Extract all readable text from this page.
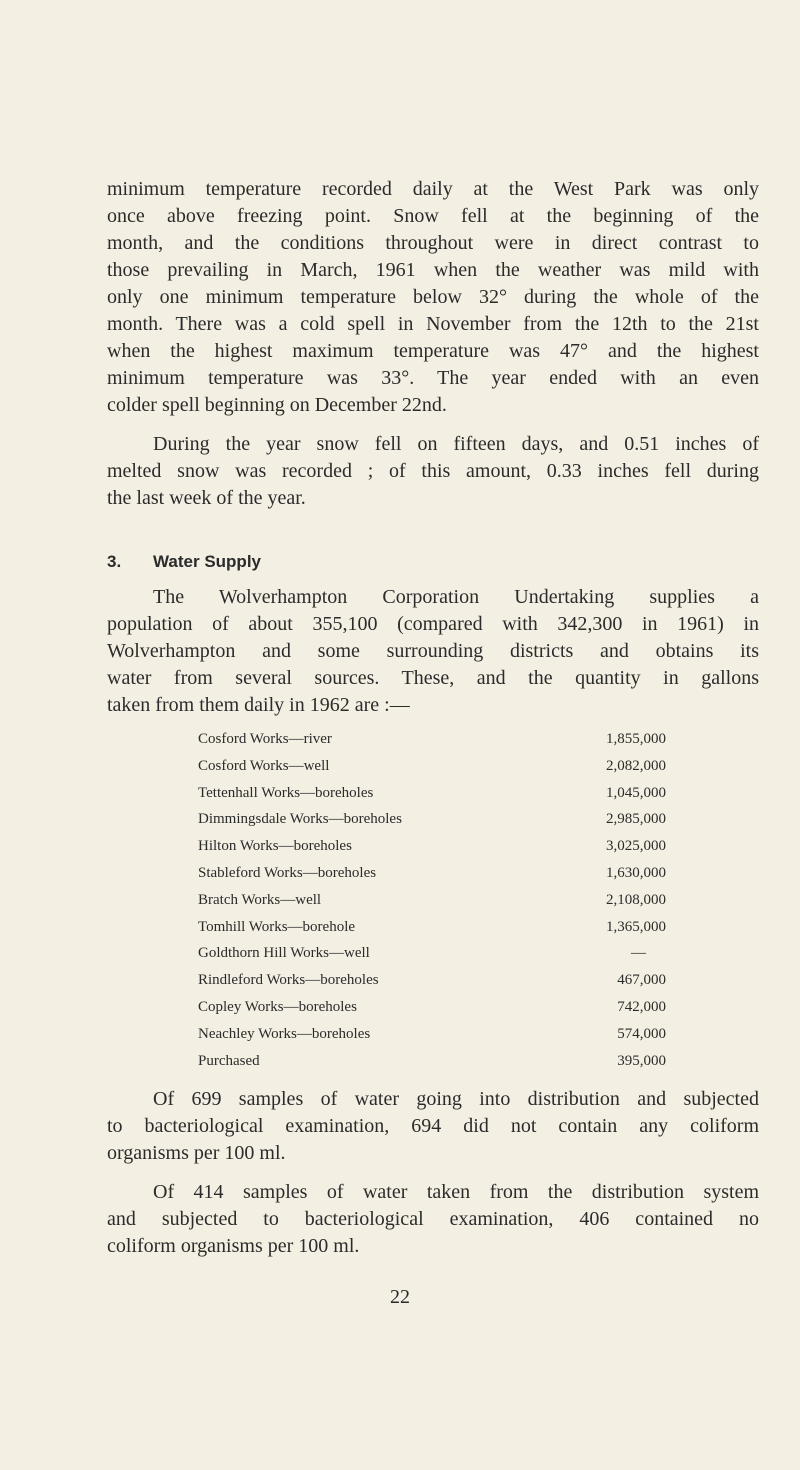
minimum temperature recorded daily at the West Park was only
once above freezing point. Snow fell at the beginning of the
month, and the conditions throughout were in direct contrast to
those prevailing in March, 1961 when the weather was mild with
only one minimum temperature below 32° during the whole of the
month. There was a cold spell in November from the 12th to the 21st
when the highest maximum temperature was 47° and the highest
minimum temperature was 33°. The year ended with an even
colder spell beginning on December 22nd.
During the year snow fell on fifteen days, and 0.51 inches of
melted snow was recorded ; of this amount, 0.33 inches fell during
the last week of the year.
3. Water Supply
The Wolverhampton Corporation Undertaking supplies a
population of about 355,100 (compared with 342,300 in 1961) in
Wolverhampton and some surrounding districts and obtains its
water from several sources. These, and the quantity in gallons
taken from them daily in 1962 are :—
Cosford Works—river	1,855,000
Cosford Works—well	2,082,000
Tettenhall Works—boreholes	1,045,000
Dimmingsdale Works—boreholes	2,985,000
Hilton Works—boreholes	3,025,000
Stableford Works—boreholes	1,630,000
Bratch Works—well	2,108,000
Tomhill Works—borehole	1,365,000
Goldthorn Hill Works—well	—
Rindleford Works—boreholes	467,000
Copley Works—boreholes	742,000
Neachley Works—boreholes	574,000
Purchased	395,000
Of 699 samples of water going into distribution and subjected
to bacteriological examination, 694 did not contain any coliform
organisms per 100 ml.
Of 414 samples of water taken from the distribution system
and subjected to bacteriological examination, 406 contained no
coliform organisms per 100 ml.
22
